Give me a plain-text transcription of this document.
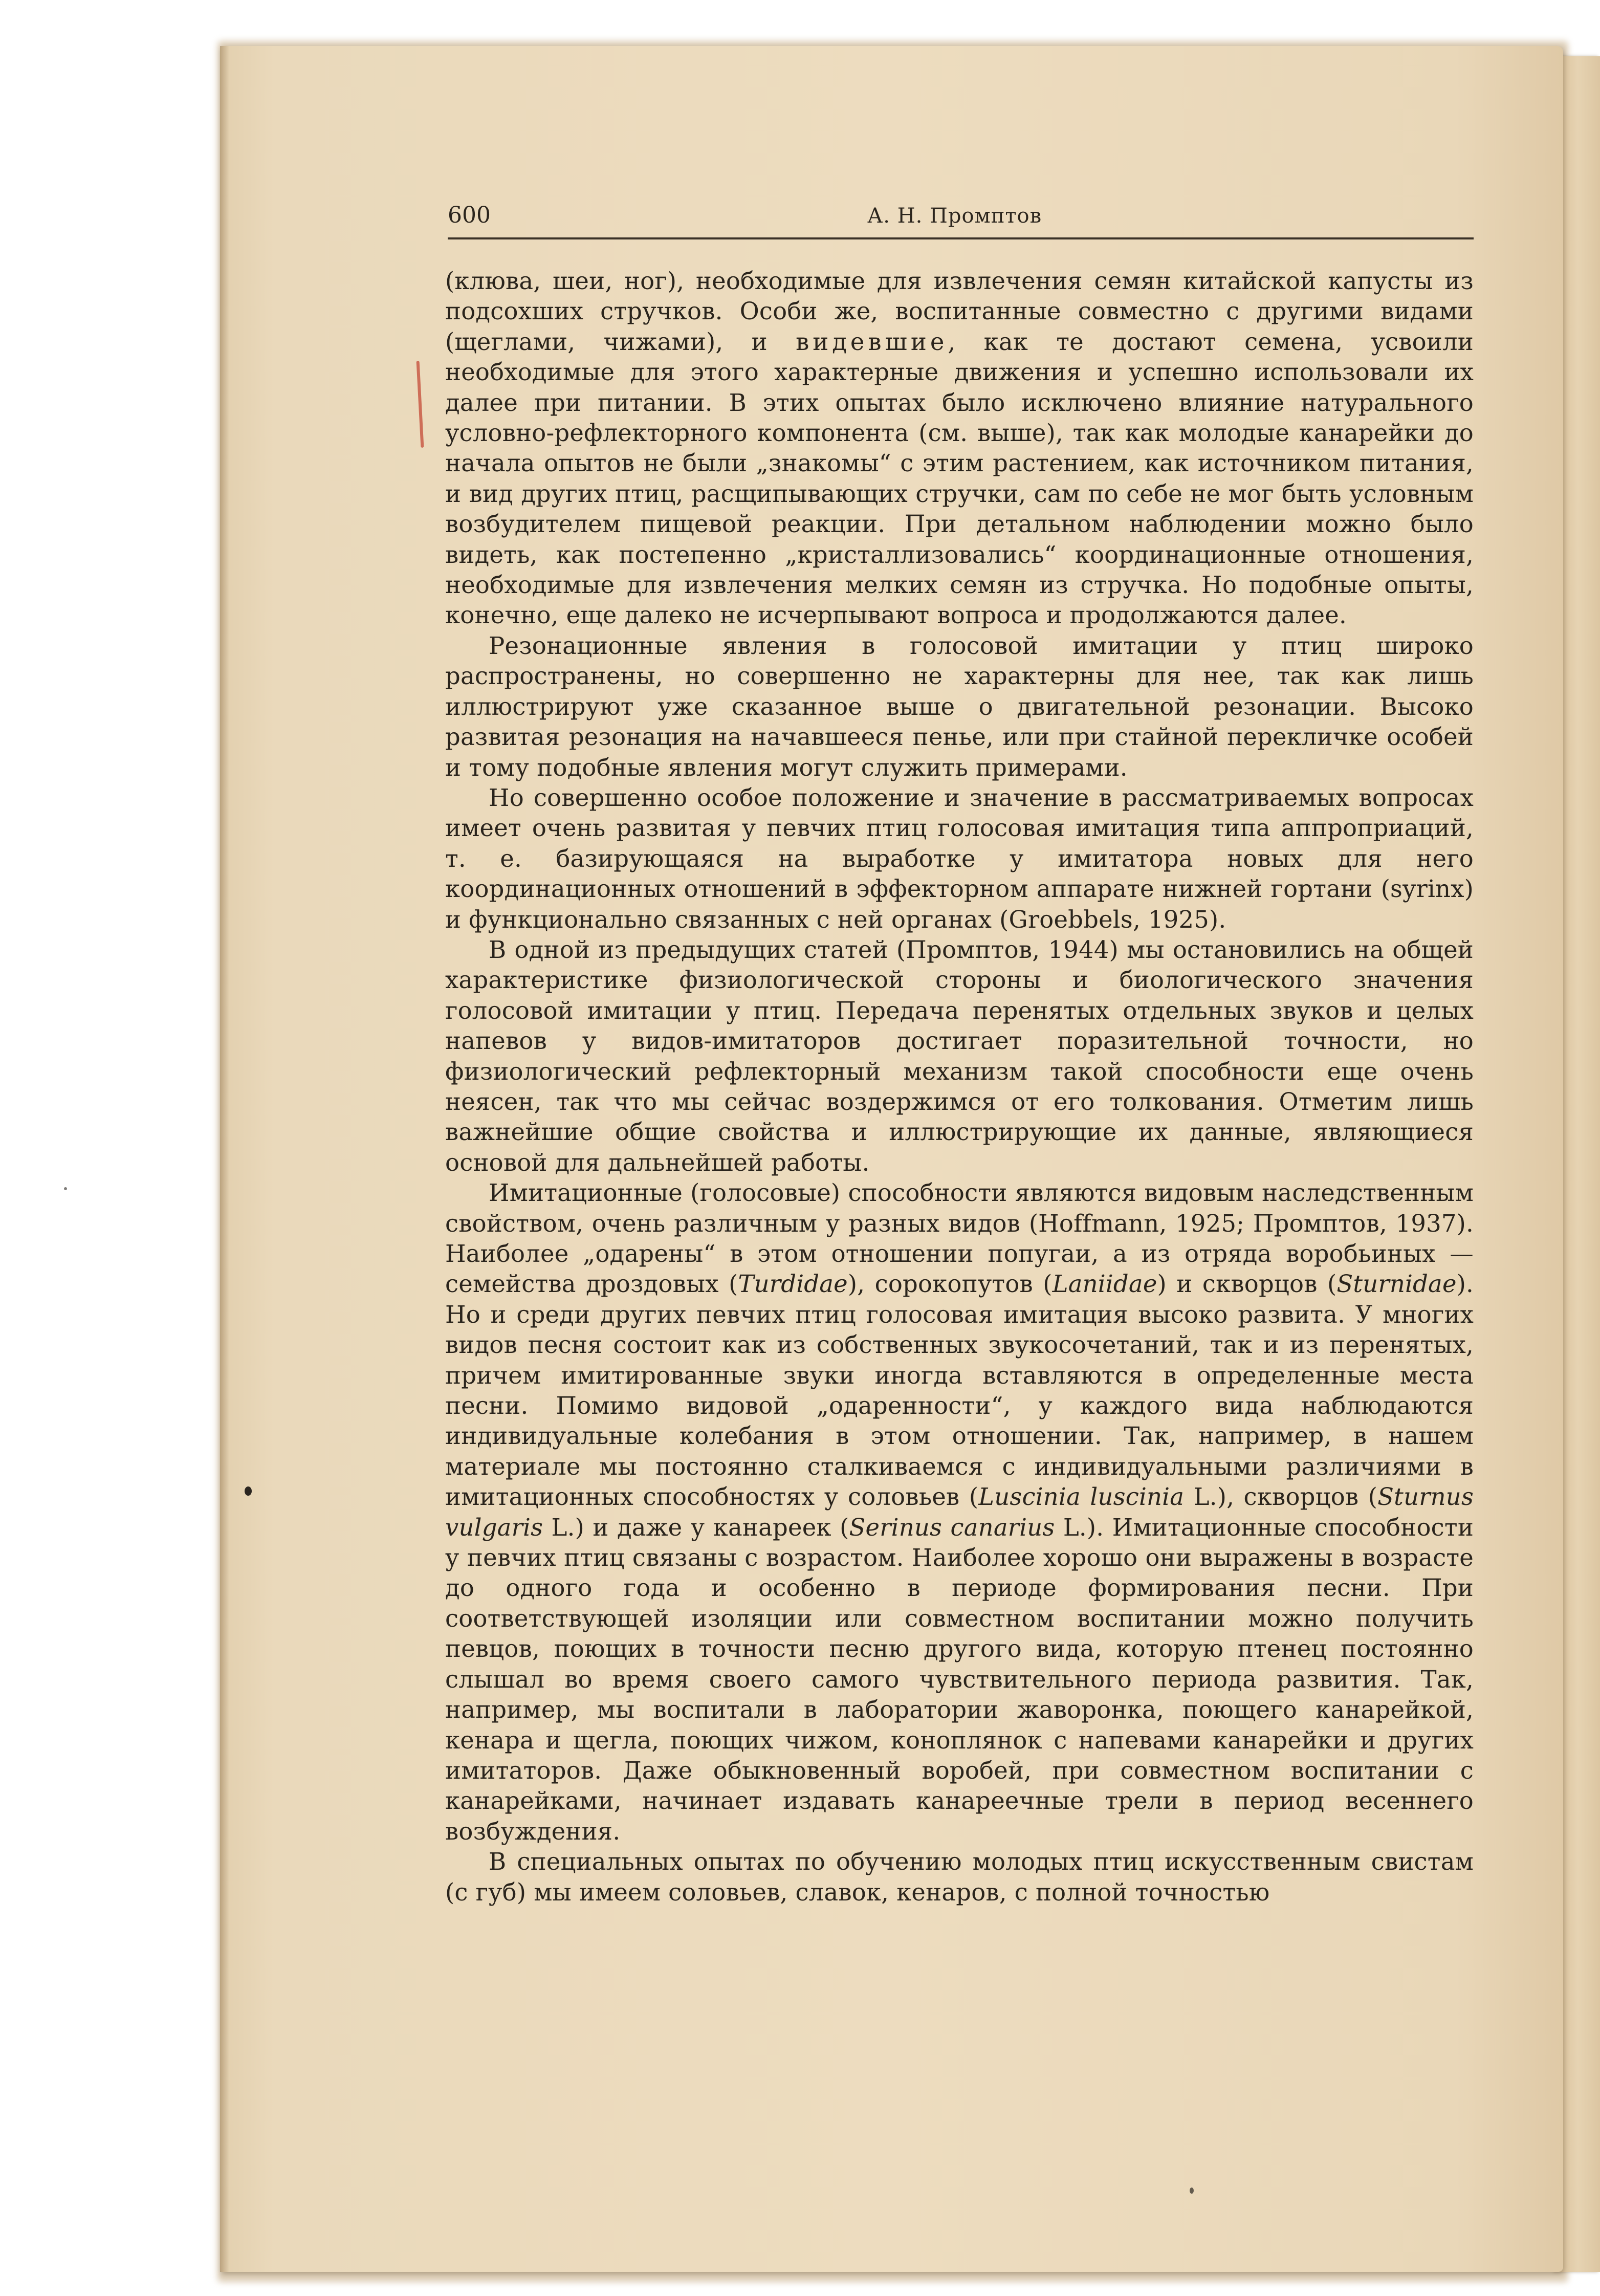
600	А. Н. Промптов

(клюва, шеи, ног), необходимые для извлечения семян китайской капусты из подсохших стручков. Особи же, воспитанные совместно с другими видами (щеглами, чижами), и видевшие, как те достают семена, усвоили необходимые для этого характерные движения и успешно использовали их далее при питании. В этих опытах было исключено влияние натурального условно-рефлекторного компонента (см. выше), так как молодые канарейки до начала опытов не были „знакомы“ с этим растением, как источником питания, и вид других птиц, расщипывающих стручки, сам по себе не мог быть условным возбудителем пищевой реакции. При детальном наблюдении можно было видеть, как постепенно „кристаллизовались“ координационные отношения, необходимые для извлечения мелких семян из стручка. Но подобные опыты, конечно, еще далеко не исчерпывают вопроса и продолжаются далее.

Резонационные явления в голосовой имитации у птиц широко распространены, но совершенно не характерны для нее, так как лишь иллюстрируют уже сказанное выше о двигательной резонации. Высоко развитая резонация на начавшееся пенье, или при стайной перекличке особей и тому подобные явления могут служить примерами.

Но совершенно особое положение и значение в рассматриваемых вопросах имеет очень развитая у певчих птиц голосовая имитация типа аппроприаций, т. е. базирующаяся на выработке у имитатора новых для него координационных отношений в эффекторном аппарате нижней гортани (syrinx) и функционально связанных с ней органах (Groebbels, 1925).

В одной из предыдущих статей (Промптов, 1944) мы остановились на общей характеристике физиологической стороны и биологического значения голосовой имитации у птиц. Передача перенятых отдельных звуков и целых напевов у видов-имитаторов достигает поразительной точности, но физиологический рефлекторный механизм такой способности еще очень неясен, так что мы сейчас воздержимся от его толкования. Отметим лишь важнейшие общие свойства и иллюстрирующие их данные, являющиеся основой для дальнейшей работы.

Имитационные (голосовые) способности являются видовым наследственным свойством, очень различным у разных видов (Hoffmann, 1925; Промптов, 1937). Наиболее „одарены“ в этом отношении попугаи, а из отряда воробьиных — семейства дроздовых (Turdidae), сорокопутов (Laniidae) и скворцов (Sturnidae). Но и среди других певчих птиц голосовая имитация высоко развита. У многих видов песня состоит как из собственных звукосочетаний, так и из перенятых, причем имитированные звуки иногда вставляются в определенные места песни. Помимо видовой „одаренности“, у каждого вида наблюдаются индивидуальные колебания в этом отношении. Так, например, в нашем материале мы постоянно сталкиваемся с индивидуальными различиями в имитационных способностях у соловьев (Luscinia luscinia L.), скворцов (Sturnus vulgaris L.) и даже у канареек (Serinus canarius L.). Имитационные способности у певчих птиц связаны с возрастом. Наиболее хорошо они выражены в возрасте до одного года и особенно в периоде формирования песни. При соответствующей изоляции или совместном воспитании можно получить певцов, поющих в точности песню другого вида, которую птенец постоянно слышал во время своего самого чувствительного периода развития. Так, например, мы воспитали в лаборатории жаворонка, поющего канарейкой, кенара и щегла, поющих чижом, коноплянок с напевами канарейки и других имитаторов. Даже обыкновенный воробей, при совместном воспитании с канарейками, начинает издавать канареечные трели в период весеннего возбуждения.

В специальных опытах по обучению молодых птиц искусственным свистам (с губ) мы имеем соловьев, славок, кенаров, с полной точностью
